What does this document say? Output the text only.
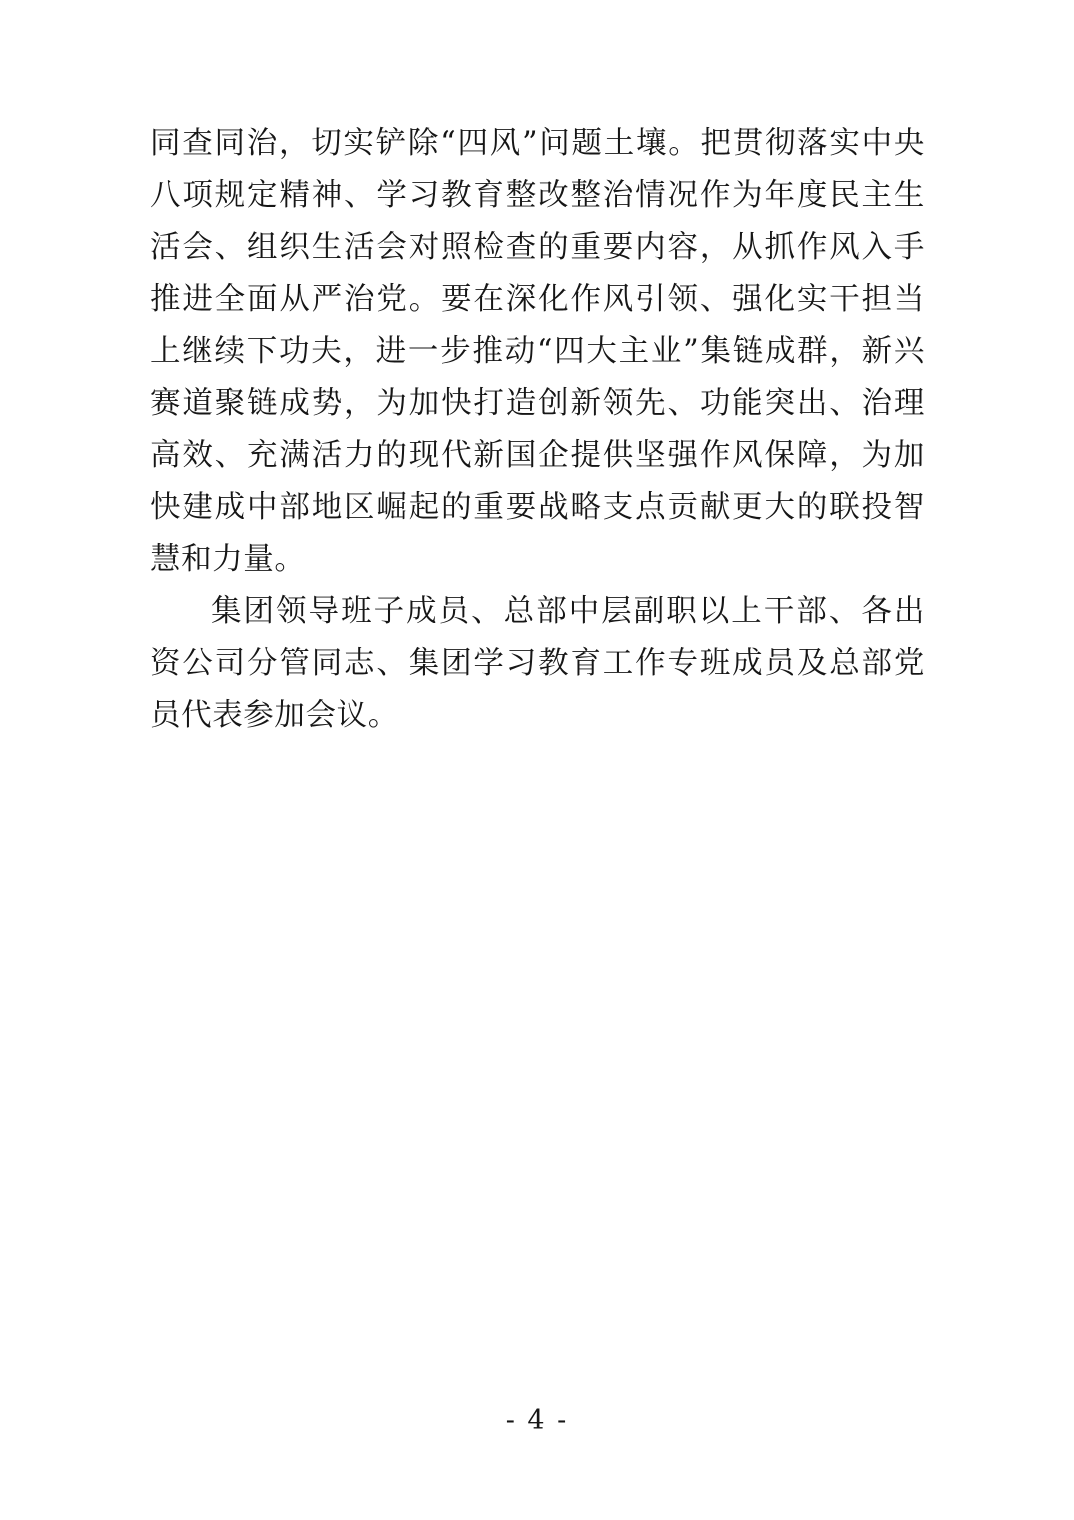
同查同治，切实铲除“四风”问题土壤。把贯彻落实中央八项规定精神、学习教育整改整治情况作为年度民主生活会、组织生活会对照检查的重要内容，从抓作风入手推进全面从严治党。要在深化作风引领、强化实干担当上继续下功夫，进一步推动“四大主业”集链成群，新兴赛道聚链成势，为加快打造创新领先、功能突出、治理高效、充满活力的现代新国企提供坚强作风保障，为加快建成中部地区崛起的重要战略支点贡献更大的联投智慧和力量。

集团领导班子成员、总部中层副职以上干部、各出资公司分管同志、集团学习教育工作专班成员及总部党员代表参加会议。

- 4 -
